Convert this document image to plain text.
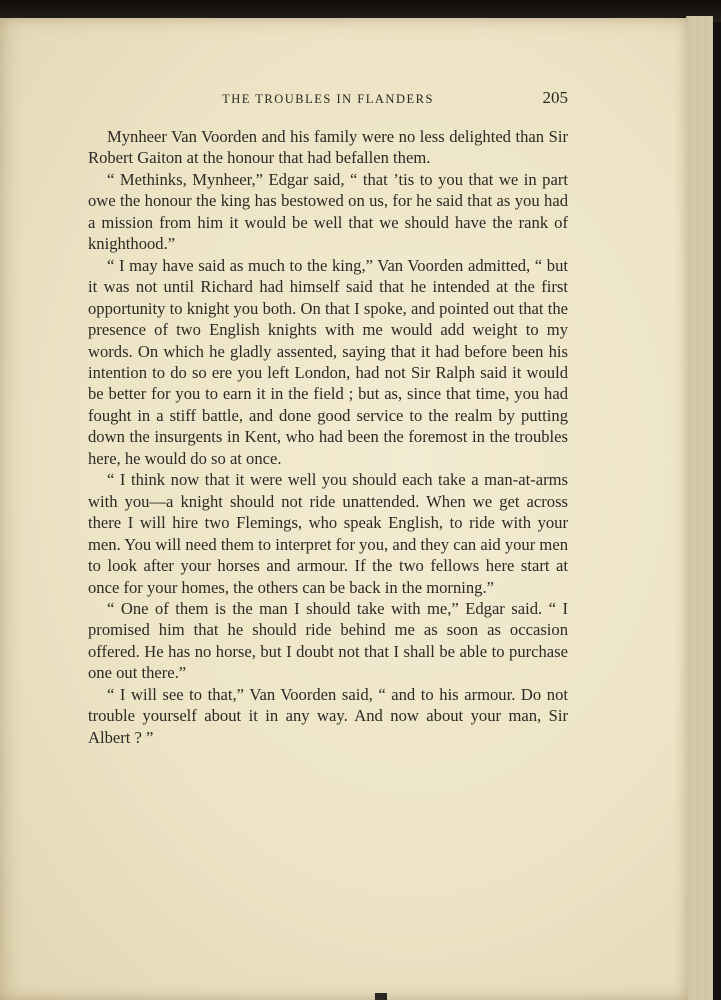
THE TROUBLES IN FLANDERS	205

Mynheer Van Voorden and his family were no less delighted than Sir Robert Gaiton at the honour that had befallen them.

“ Methinks, Mynheer,” Edgar said, “ that ’tis to you that we in part owe the honour the king has bestowed on us, for he said that as you had a mission from him it would be well that we should have the rank of knighthood.”

“ I may have said as much to the king,” Van Voorden admitted, “ but it was not until Richard had himself said that he intended at the first opportunity to knight you both. On that I spoke, and pointed out that the presence of two English knights with me would add weight to my words. On which he gladly assented, saying that it had before been his intention to do so ere you left London, had not Sir Ralph said it would be better for you to earn it in the field ; but as, since that time, you had fought in a stiff battle, and done good service to the realm by putting down the insurgents in Kent, who had been the foremost in the troubles here, he would do so at once.

“ I think now that it were well you should each take a man-at-arms with you—a knight should not ride unattended. When we get across there I will hire two Flemings, who speak English, to ride with your men. You will need them to interpret for you, and they can aid your men to look after your horses and armour. If the two fellows here start at once for your homes, the others can be back in the morning.”

“ One of them is the man I should take with me,” Edgar said. “ I promised him that he should ride behind me as soon as occasion offered. He has no horse, but I doubt not that I shall be able to purchase one out there.”

“ I will see to that,” Van Voorden said, “ and to his armour. Do not trouble yourself about it in any way. And now about your man, Sir Albert ? ”
